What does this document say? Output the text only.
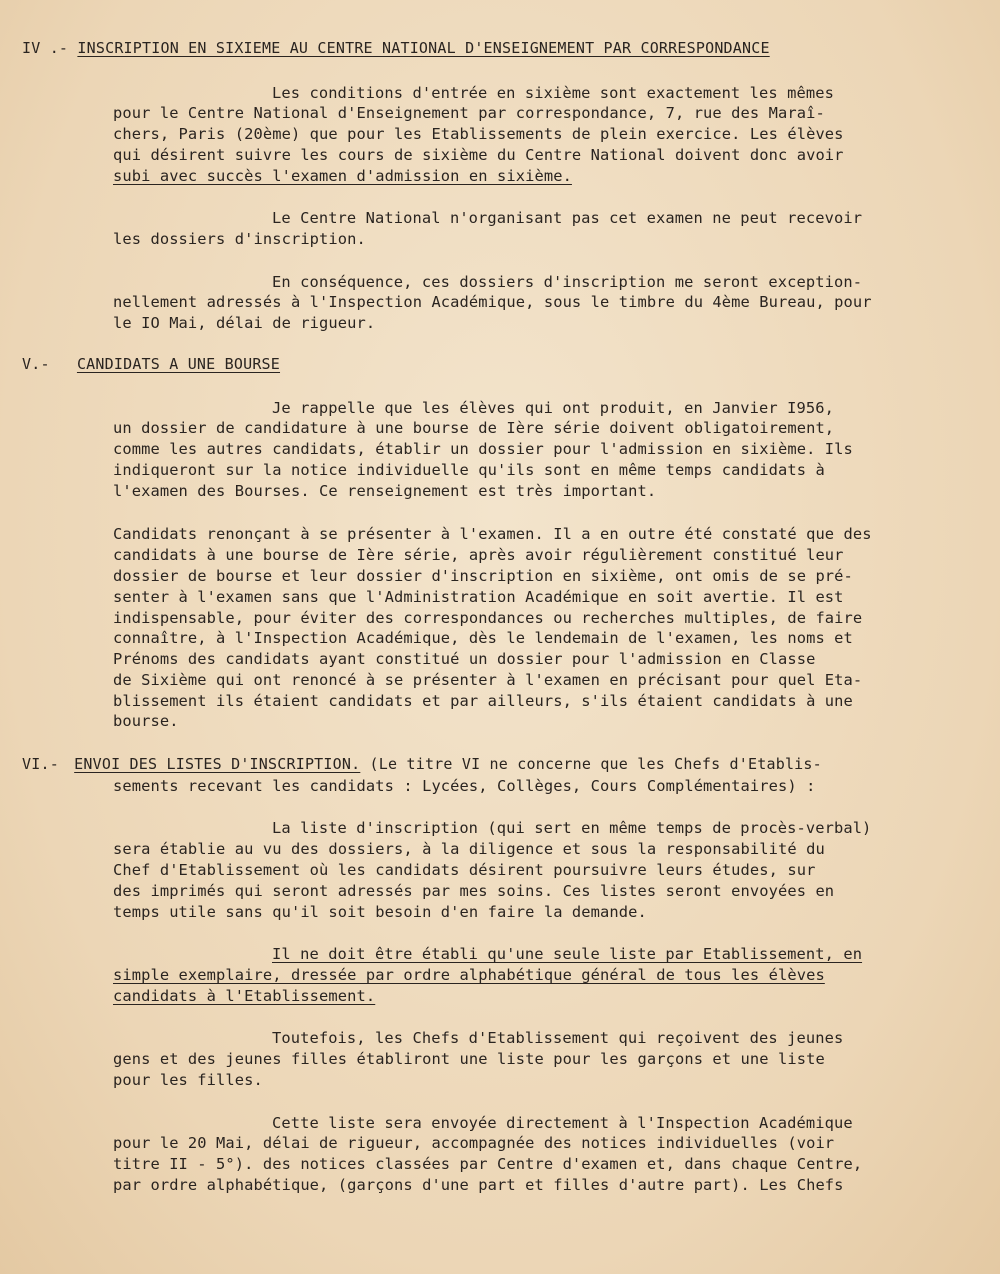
IV .- INSCRIPTION EN SIXIEME AU CENTRE NATIONAL D'ENSEIGNEMENT PAR CORRESPONDANCE
Les conditions d'entrée en sixième sont exactement les mêmes
pour le Centre National d'Enseignement par correspondance, 7, rue des Maraî-
chers, Paris (20ème) que pour les Etablissements de plein exercice. Les élèves
qui désirent suivre les cours de sixième du Centre National doivent donc avoir
subi avec succès l'examen d'admission en sixième.
Le Centre National n'organisant pas cet examen ne peut recevoir
les dossiers d'inscription.
En conséquence, ces dossiers d'inscription me seront exception-
nellement adressés à l'Inspection Académique, sous le timbre du 4ème Bureau, pour
le IO Mai, délai de rigueur.
V.- CANDIDATS A UNE BOURSE
Je rappelle que les élèves qui ont produit, en Janvier I956,
un dossier de candidature à une bourse de Ière série doivent obligatoirement,
comme les autres candidats, établir un dossier pour l'admission en sixième. Ils
indiqueront sur la notice individuelle qu'ils sont en même temps candidats à
l'examen des Bourses. Ce renseignement est très important.
Candidats renonçant à se présenter à l'examen. Il a en outre été constaté que des
candidats à une bourse de Ière série, après avoir régulièrement constitué leur
dossier de bourse et leur dossier d'inscription en sixième, ont omis de se pré-
senter à l'examen sans que l'Administration Académique en soit avertie. Il est
indispensable, pour éviter des correspondances ou recherches multiples, de faire
connaître, à l'Inspection Académique, dès le lendemain de l'examen, les noms et
Prénoms des candidats ayant constitué un dossier pour l'admission en Classe
de Sixième qui ont renoncé à se présenter à l'examen en précisant pour quel Eta-
blissement ils étaient candidats et par ailleurs, s'ils étaient candidats à une
bourse.
VI.- ENVOI DES LISTES D'INSCRIPTION. (Le titre VI ne concerne que les Chefs d'Etablis-
sements recevant les candidats : Lycées, Collèges, Cours Complémentaires) :
La liste d'inscription (qui sert en même temps de procès-verbal)
sera établie au vu des dossiers, à la diligence et sous la responsabilité du
Chef d'Etablissement où les candidats désirent poursuivre leurs études, sur
des imprimés qui seront adressés par mes soins. Ces listes seront envoyées en
temps utile sans qu'il soit besoin d'en faire la demande.
Il ne doit être établi qu'une seule liste par Etablissement, en
simple exemplaire, dressée par ordre alphabétique général de tous les élèves
candidats à l'Etablissement.
Toutefois, les Chefs d'Etablissement qui reçoivent des jeunes
gens et des jeunes filles établiront une liste pour les garçons et une liste
pour les filles.
Cette liste sera envoyée directement à l'Inspection Académique
pour le 20 Mai, délai de rigueur, accompagnée des notices individuelles (voir
titre II - 5°). des notices classées par Centre d'examen et, dans chaque Centre,
par ordre alphabétique, (garçons d'une part et filles d'autre part). Les Chefs
